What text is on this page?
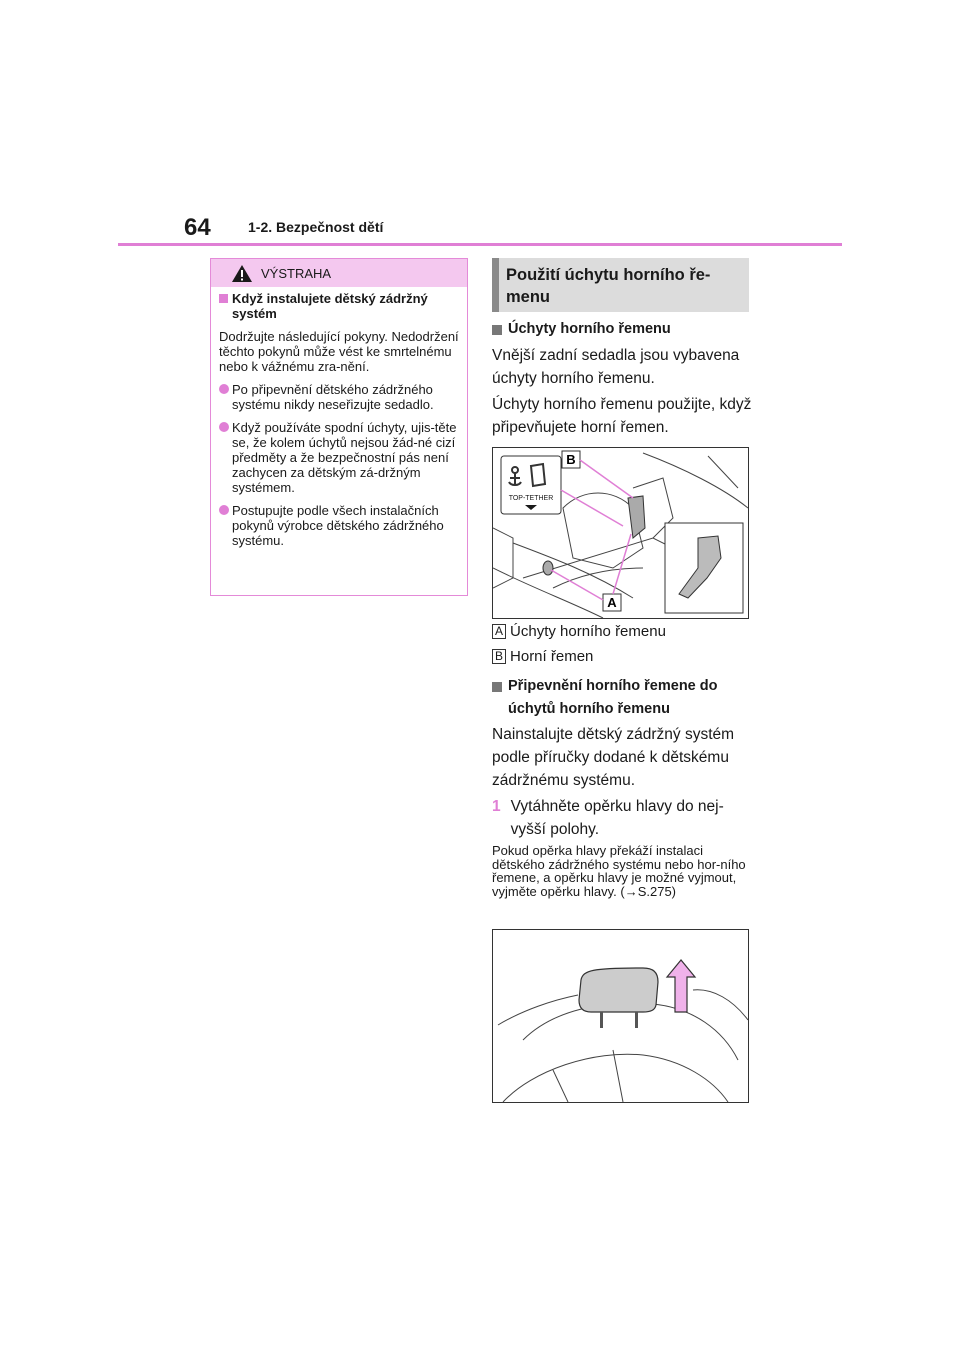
64	1-2. Bezpečnost dětí
VÝSTRAHA
Když instalujete dětský zádržný systém
Dodržujte následující pokyny. Nedodržení těchto pokynů může vést ke smrtelnému nebo k vážnému zra-nění.
Po připevnění dětského zádržného systému nikdy neseřizujte sedadlo.
Když používáte spodní úchyty, ujis-těte se, že kolem úchytů nejsou žád-né cizí předměty a že bezpečnostní pás není zachycen za dětským zá-držným systémem.
Postupujte podle všech instalačních pokynů výrobce dětského zádržného systému.
Použití úchytu horního ře-menu
Úchyty horního řemenu
Vnější zadní sedadla jsou vybavena úchyty horního řemenu.
Úchyty horního řemenu použijte, když připevňujete horní řemen.
TOP-TETHER
B
A
A Úchyty horního řemenu
B Horní řemen
Připevnění horního řemene do úchytů horního řemenu
Nainstalujte dětský zádržný systém podle příručky dodané k dětskému zádržnému systému.
1 Vytáhněte opěrku hlavy do nej-vyšší polohy.
Pokud opěrka hlavy překáží instalaci dětského zádržného systému nebo hor-ního řemene, a opěrku hlavy je možné vyjmout, vyjměte opěrku hlavy. (→S.275)
